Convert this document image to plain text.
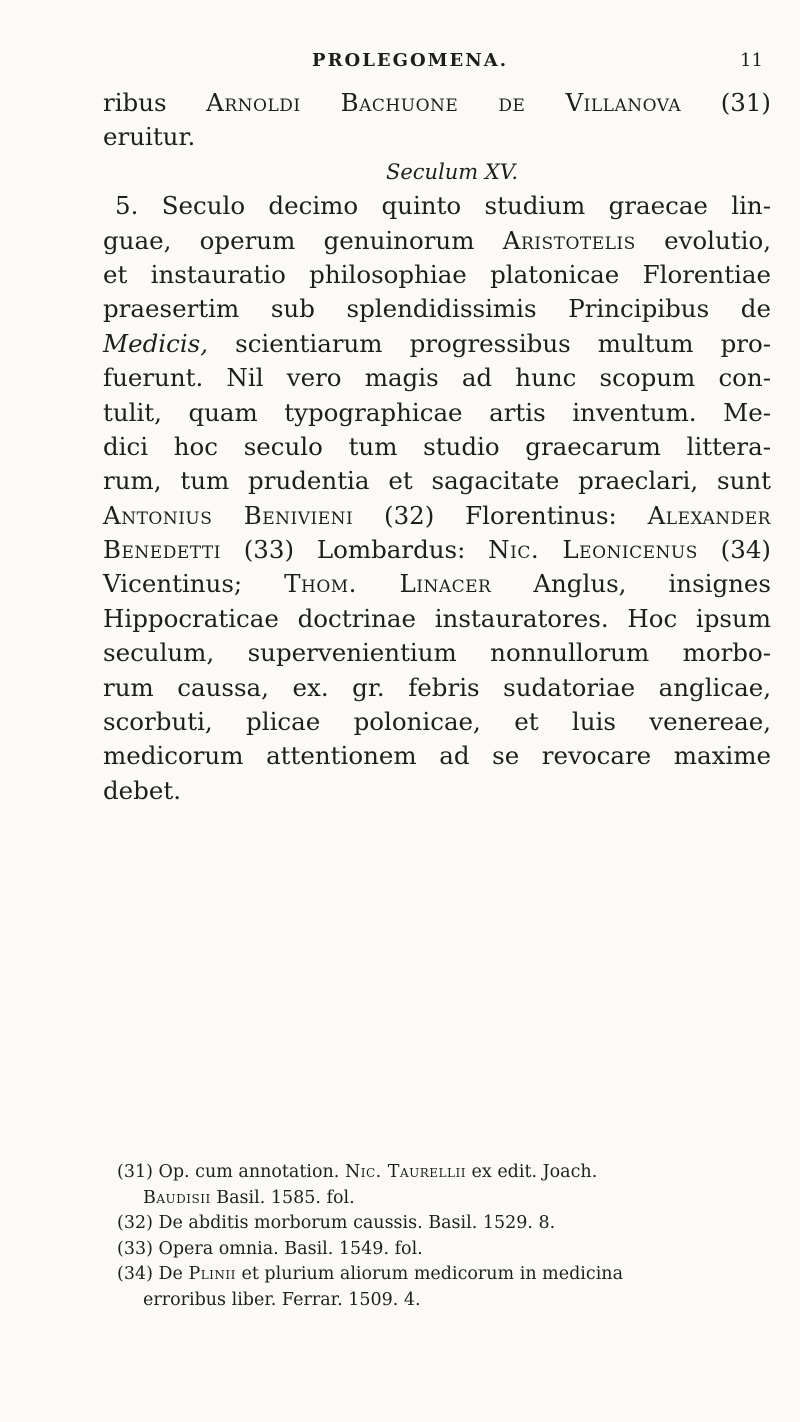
PROLEGOMENA.	11
ribus Arnoldi Bachuone de Villanova (31)
eruitur.
Seculum XV.
5. Seculo decimo quinto studium graecae lin-
guae, operum genuinorum Aristotelis evolutio,
et instauratio philosophiae platonicae Florentiae
praesertim sub splendidissimis Principibus de
Medicis, scientiarum progressibus multum pro-
fuerunt. Nil vero magis ad hunc scopum con-
tulit, quam typographicae artis inventum. Me-
dici hoc seculo tum studio graecarum littera-
rum, tum prudentia et sagacitate praeclari, sunt
Antonius Benivieni (32) Florentinus: Alexander
Benedetti (33) Lombardus: Nic. Leonicenus (34)
Vicentinus; Thom. Linacer Anglus, insignes
Hippocraticae doctrinae instauratores. Hoc ipsum
seculum, supervenientium nonnullorum morbo-
rum caussa, ex. gr. febris sudatoriae anglicae,
scorbuti, plicae polonicae, et luis venereae,
medicorum attentionem ad se revocare maxime
debet.
(31) Op. cum annotation. Nic. Taurellii ex edit. Joach.
Baudisii Basil. 1585. fol.
(32) De abditis morborum caussis. Basil. 1529. 8.
(33) Opera omnia. Basil. 1549. fol.
(34) De Plinii et plurium aliorum medicorum in medicina
erroribus liber. Ferrar. 1509. 4.
